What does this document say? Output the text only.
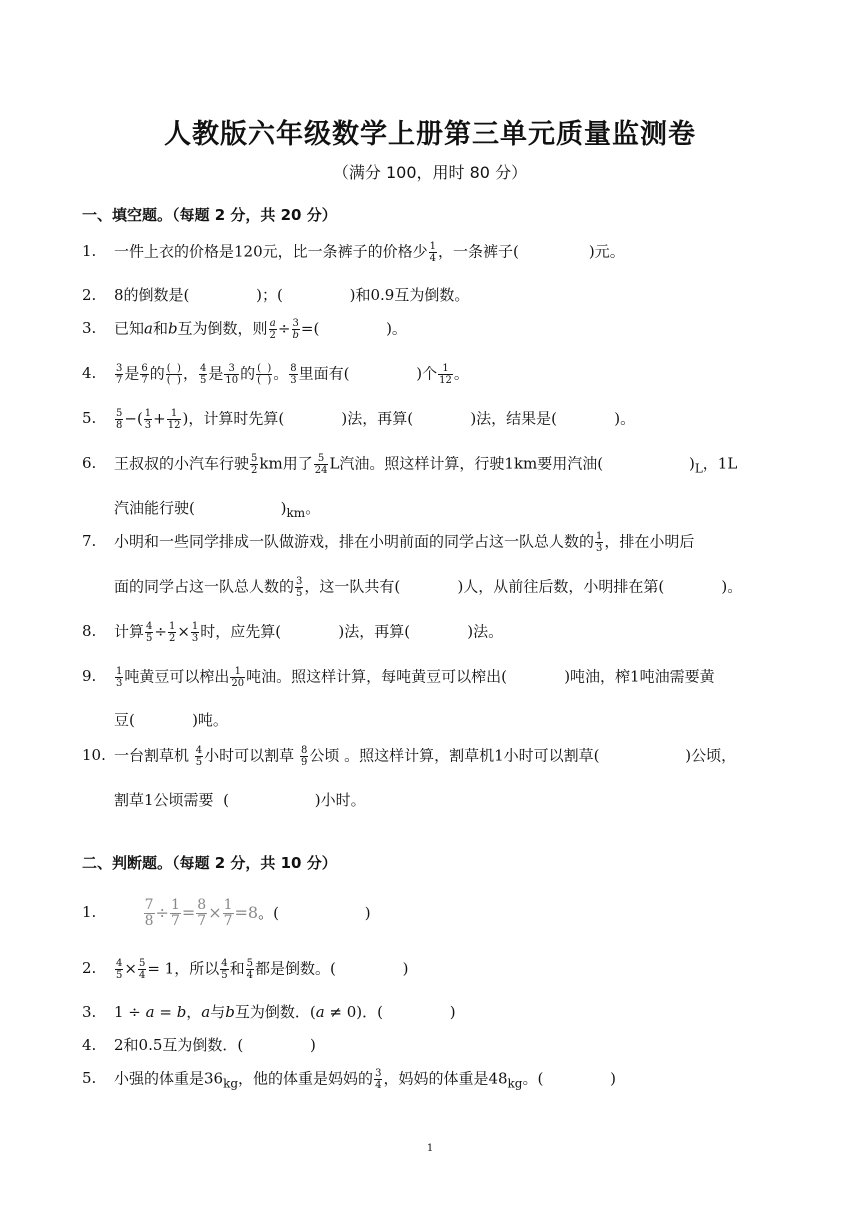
人教版六年级数学上册第三单元质量监测卷
（满分 100，用时 80 分）
一、填空题。（每题 2 分，共 20 分）
1.	一件上衣的价格是120元，比一条裤子的价格少 $\frac{1}{4}$ ，一条裤子(	)元。
2.	8的倒数是(              )；(              )和0.9互为倒数。
3.	已知𝑎和𝑏互为倒数，则 $\frac{\text{𝑎}}{2} \div \frac{3}{\text{𝑏}}$ =(              )。
4.	$\frac{3}{7}$ 是 $\frac{6}{7}$ 的 $\frac{( )}{( )}$ ， $\frac{4}{5}$ 是 $\frac{3}{10}$ 的 $\frac{( )}{( )}$ 。 $\frac{8}{3}$ 里面有(              )个 $\frac{1}{12}$ 。
5.	$\frac{5}{8}$ −( $\frac{1}{3} + \frac{1}{12}$ )，计算时先算(            )法，再算(            )法，结果是(            )。
6.	王叔叔的小汽车行驶 $\frac{5}{2}$ km用了 $\frac{5}{24}$ L汽油。照这样计算，行驶1km要用汽油(                  )$_L$，1L
汽油能行驶(                  )$_{km}$。
7.	小明和一些同学排成一队做游戏，排在小明前面的同学占这一队总人数的 $\frac{1}{3}$ ，排在小明后
面的同学占这一队总人数的 $\frac{3}{5}$ ，这一队共有(            )人，从前往后数，小明排在第(            )。
8.	计算 $\frac{4}{5} \div \frac{1}{2} \times \frac{1}{3}$ 时，应先算(            )法，再算(            )法。
9.	$\frac{1}{3}$ 吨黄豆可以榨出 $\frac{1}{20}$ 吨油。照这样计算，每吨黄豆可以榨出(            )吨油，榨1吨油需要黄
豆(            )吨。
10. 一台割草机 $\frac{4}{5}$ 小时可以割草 $\frac{8}{9}$ 公顷 。照这样计算，割草机1小时可以割草(                  )公顷，
割草1公顷需要  (                  )小时。
二、判断题。（每题 2 分，共 10 分）
1.

	$\frac{7}{8} \div \frac{1}{7} = \frac{8}{7} \times \frac{1}{7} =8$。(                  )

2.	$\frac{4}{5} \times \frac{5}{4} = 1$，所以 $\frac{4}{5}$ 和 $\frac{5}{4}$ 都是倒数。(              )
3.	1 ÷ 𝑎 = 𝑏，𝑎与𝑏互为倒数．(𝑎 ≠ 0)．(              )
4.	2和0.5互为倒数．(              )
5.	小强的体重是$36_{kg}$，他的体重是妈妈的 $\frac{3}{4}$ ，妈妈的体重是$48_{kg}$。(              )
1
